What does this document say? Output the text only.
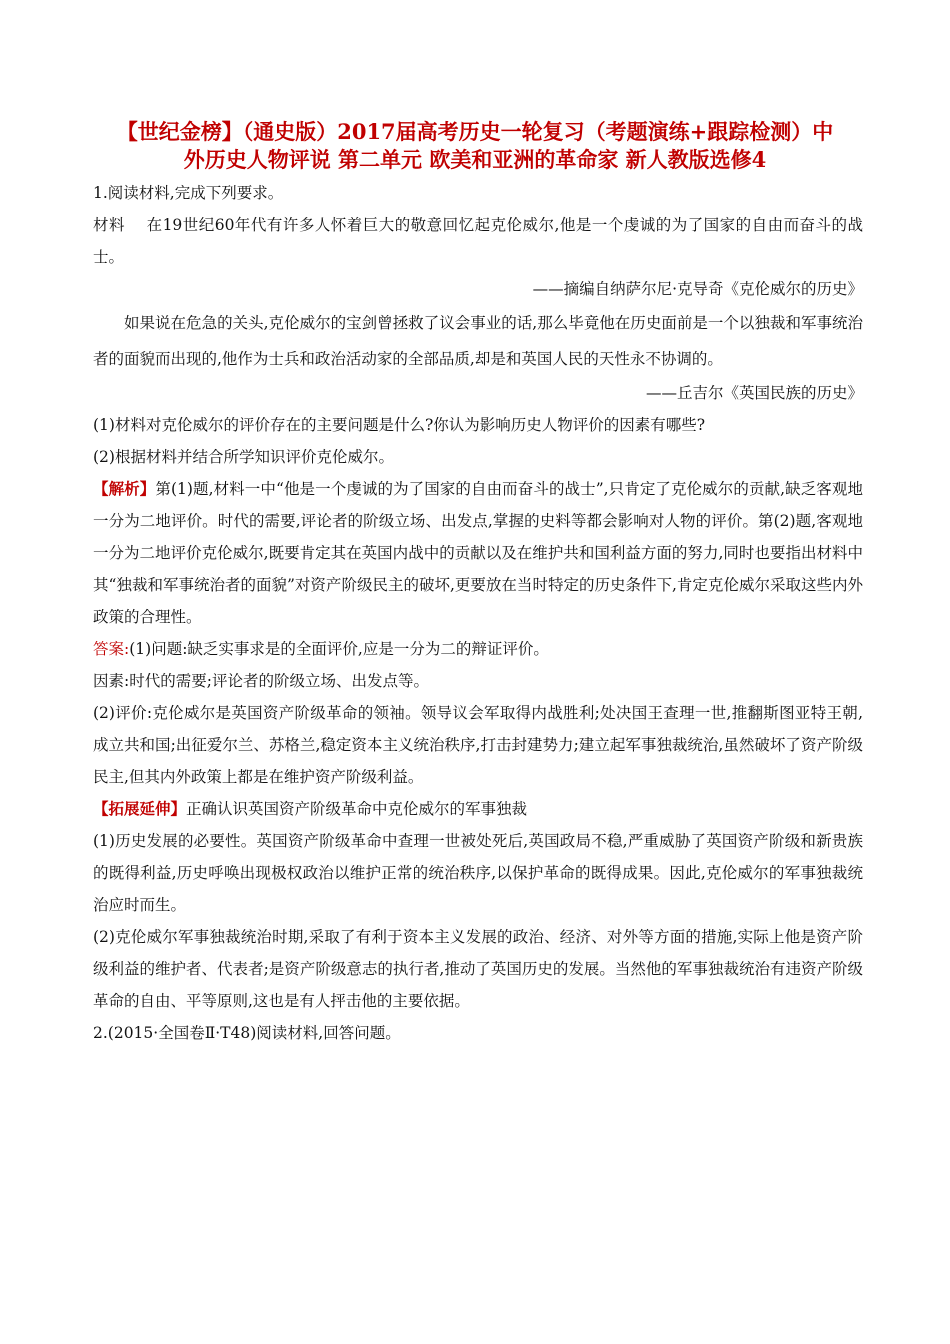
【世纪金榜】（通史版）2017届高考历史一轮复习（考题演练+跟踪检测）中
外历史人物评说 第二单元 欧美和亚洲的革命家 新人教版选修4

1.阅读材料,完成下列要求。

材料 在19世纪60年代有许多人怀着巨大的敬意回忆起克伦威尔,他是一个虔诚的为了国家的自由而奋斗的战士。

——摘编自纳萨尔尼·克导奇《克伦威尔的历史》

如果说在危急的关头,克伦威尔的宝剑曾拯救了议会事业的话,那么毕竟他在历史面前是一个以独裁和军事统治者的面貌而出现的,他作为士兵和政治活动家的全部品质,却是和英国人民的天性永不协调的。

——丘吉尔《英国民族的历史》

(1)材料对克伦威尔的评价存在的主要问题是什么?你认为影响历史人物评价的因素有哪些?

(2)根据材料并结合所学知识评价克伦威尔。

【解析】第(1)题,材料一中“他是一个虔诚的为了国家的自由而奋斗的战士”,只肯定了克伦威尔的贡献,缺乏客观地一分为二地评价。时代的需要,评论者的阶级立场、出发点,掌握的史料等都会影响对人物的评价。第(2)题,客观地一分为二地评价克伦威尔,既要肯定其在英国内战中的贡献以及在维护共和国利益方面的努力,同时也要指出材料中其“独裁和军事统治者的面貌”对资产阶级民主的破坏,更要放在当时特定的历史条件下,肯定克伦威尔采取这些内外政策的合理性。

答案:(1)问题:缺乏实事求是的全面评价,应是一分为二的辩证评价。

因素:时代的需要;评论者的阶级立场、出发点等。

(2)评价:克伦威尔是英国资产阶级革命的领袖。领导议会军取得内战胜利;处决国王查理一世,推翻斯图亚特王朝,成立共和国;出征爱尔兰、苏格兰,稳定资本主义统治秩序,打击封建势力;建立起军事独裁统治,虽然破坏了资产阶级民主,但其内外政策上都是在维护资产阶级利益。

【拓展延伸】正确认识英国资产阶级革命中克伦威尔的军事独裁

(1)历史发展的必要性。英国资产阶级革命中查理一世被处死后,英国政局不稳,严重威胁了英国资产阶级和新贵族的既得利益,历史呼唤出现极权政治以维护正常的统治秩序,以保护革命的既得成果。因此,克伦威尔的军事独裁统治应时而生。

(2)克伦威尔军事独裁统治时期,采取了有利于资本主义发展的政治、经济、对外等方面的措施,实际上他是资产阶级利益的维护者、代表者;是资产阶级意志的执行者,推动了英国历史的发展。当然他的军事独裁统治有违资产阶级革命的自由、平等原则,这也是有人抨击他的主要依据。

2.(2015·全国卷Ⅱ·T48)阅读材料,回答问题。
